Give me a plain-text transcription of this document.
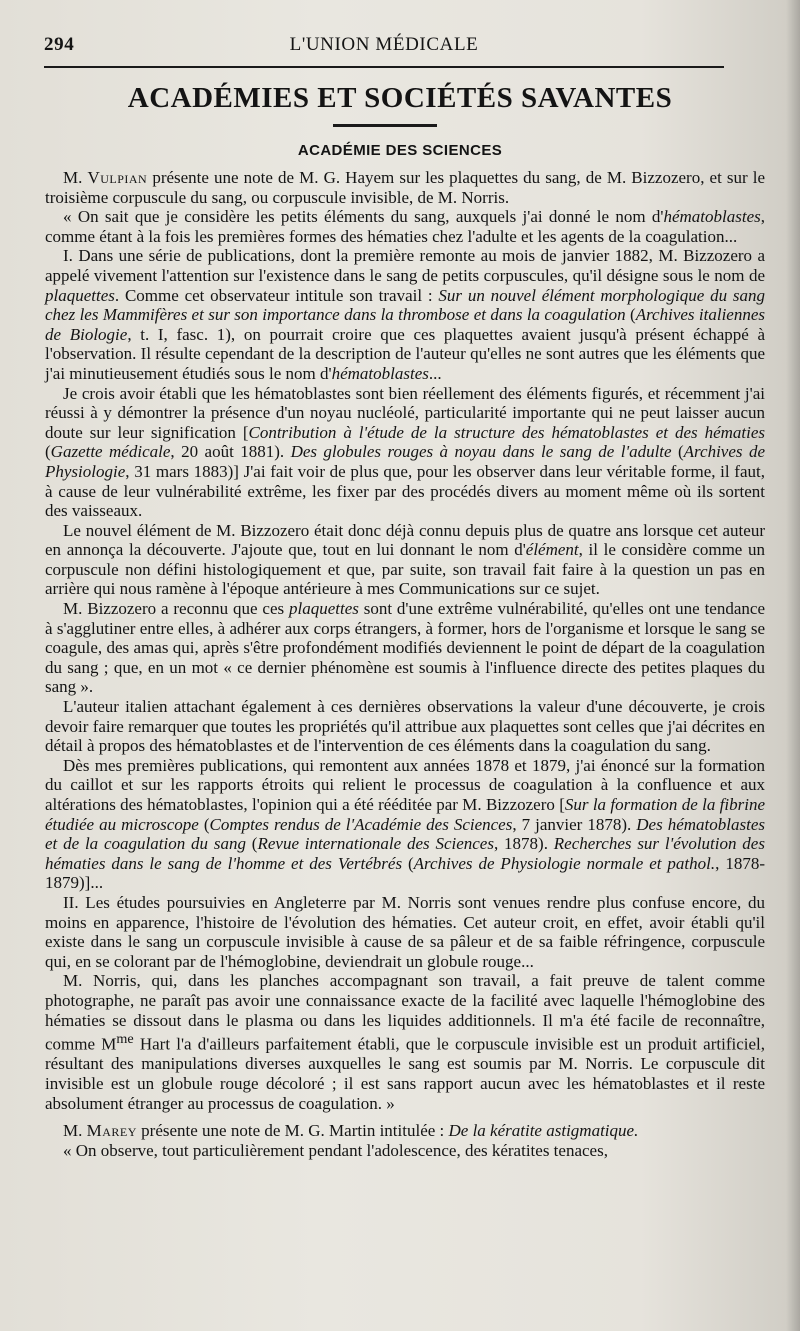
294	L'UNION MÉDICALE
ACADÉMIES ET SOCIÉTÉS SAVANTES
ACADÉMIE DES SCIENCES

M. Vulpian présente une note de M. G. Hayem sur les plaquettes du sang, de M. Bizzozero, et sur le troisième corpuscule du sang, ou corpuscule invisible, de M. Norris.

« On sait que je considère les petits éléments du sang, auxquels j'ai donné le nom d'hématoblastes, comme étant à la fois les premières formes des hématies chez l'adulte et les agents de la coagulation...

I. Dans une série de publications, dont la première remonte au mois de janvier 1882, M. Bizzozero a appelé vivement l'attention sur l'existence dans le sang de petits corpuscules, qu'il désigne sous le nom de plaquettes. Comme cet observateur intitule son travail : Sur un nouvel élément morphologique du sang chez les Mammifères et sur son importance dans la thrombose et dans la coagulation (Archives italiennes de Biologie, t. I, fasc. 1), on pourrait croire que ces plaquettes avaient jusqu'à présent échappé à l'observation. Il résulte cependant de la description de l'auteur qu'elles ne sont autres que les éléments que j'ai minutieusement étudiés sous le nom d'hématoblastes...

Je crois avoir établi que les hématoblastes sont bien réellement des éléments figurés, et récemment j'ai réussi à y démontrer la présence d'un noyau nucléolé, particularité importante qui ne peut laisser aucun doute sur leur signification [Contribution à l'étude de la structure des hématoblastes et des hématies (Gazette médicale, 20 août 1881). Des globules rouges à noyau dans le sang de l'adulte (Archives de Physiologie, 31 mars 1883)] J'ai fait voir de plus que, pour les observer dans leur véritable forme, il faut, à cause de leur vulnérabilité extrême, les fixer par des procédés divers au moment même où ils sortent des vaisseaux.

Le nouvel élément de M. Bizzozero était donc déjà connu depuis plus de quatre ans lorsque cet auteur en annonça la découverte. J'ajoute que, tout en lui donnant le nom d'élément, il le considère comme un corpuscule non défini histologiquement et que, par suite, son travail fait faire à la question un pas en arrière qui nous ramène à l'époque antérieure à mes Communications sur ce sujet.

M. Bizzozero a reconnu que ces plaquettes sont d'une extrême vulnérabilité, qu'elles ont une tendance à s'agglutiner entre elles, à adhérer aux corps étrangers, à former, hors de l'organisme et lorsque le sang se coagule, des amas qui, après s'être profondément modifiés deviennent le point de départ de la coagulation du sang ; que, en un mot « ce dernier phénomène est soumis à l'influence directe des petites plaques du sang ».

L'auteur italien attachant également à ces dernières observations la valeur d'une découverte, je crois devoir faire remarquer que toutes les propriétés qu'il attribue aux plaquettes sont celles que j'ai décrites en détail à propos des hématoblastes et de l'intervention de ces éléments dans la coagulation du sang.

Dès mes premières publications, qui remontent aux années 1878 et 1879, j'ai énoncé sur la formation du caillot et sur les rapports étroits qui relient le processus de coagulation à la confluence et aux altérations des hématoblastes, l'opinion qui a été rééditée par M. Bizzozero [Sur la formation de la fibrine étudiée au microscope (Comptes rendus de l'Académie des Sciences, 7 janvier 1878). Des hématoblastes et de la coagulation du sang (Revue internationale des Sciences, 1878). Recherches sur l'évolution des hématies dans le sang de l'homme et des Vertébrés (Archives de Physiologie normale et pathol., 1878-1879)]...

II. Les études poursuivies en Angleterre par M. Norris sont venues rendre plus confuse encore, du moins en apparence, l'histoire de l'évolution des hématies. Cet auteur croit, en effet, avoir établi qu'il existe dans le sang un corpuscule invisible à cause de sa pâleur et de sa faible réfringence, corpuscule qui, en se colorant par de l'hémoglobine, deviendrait un globule rouge...

M. Norris, qui, dans les planches accompagnant son travail, a fait preuve de talent comme photographe, ne paraît pas avoir une connaissance exacte de la facilité avec laquelle l'hémoglobine des hématies se dissout dans le plasma ou dans les liquides additionnels. Il m'a été facile de reconnaître, comme $M^{me}$ Hart l'a d'ailleurs parfaitement établi, que le corpuscule invisible est un produit artificiel, résultant des manipulations diverses auxquelles le sang est soumis par M. Norris. Le corpuscule dit invisible est un globule rouge décoloré ; il est sans rapport aucun avec les hématoblastes et il reste absolument étranger au processus de coagulation. »

M. Marey présente une note de M. G. Martin intitulée : De la kératite astigmatique.

« On observe, tout particulièrement pendant l'adolescence, des kératites tenaces,
